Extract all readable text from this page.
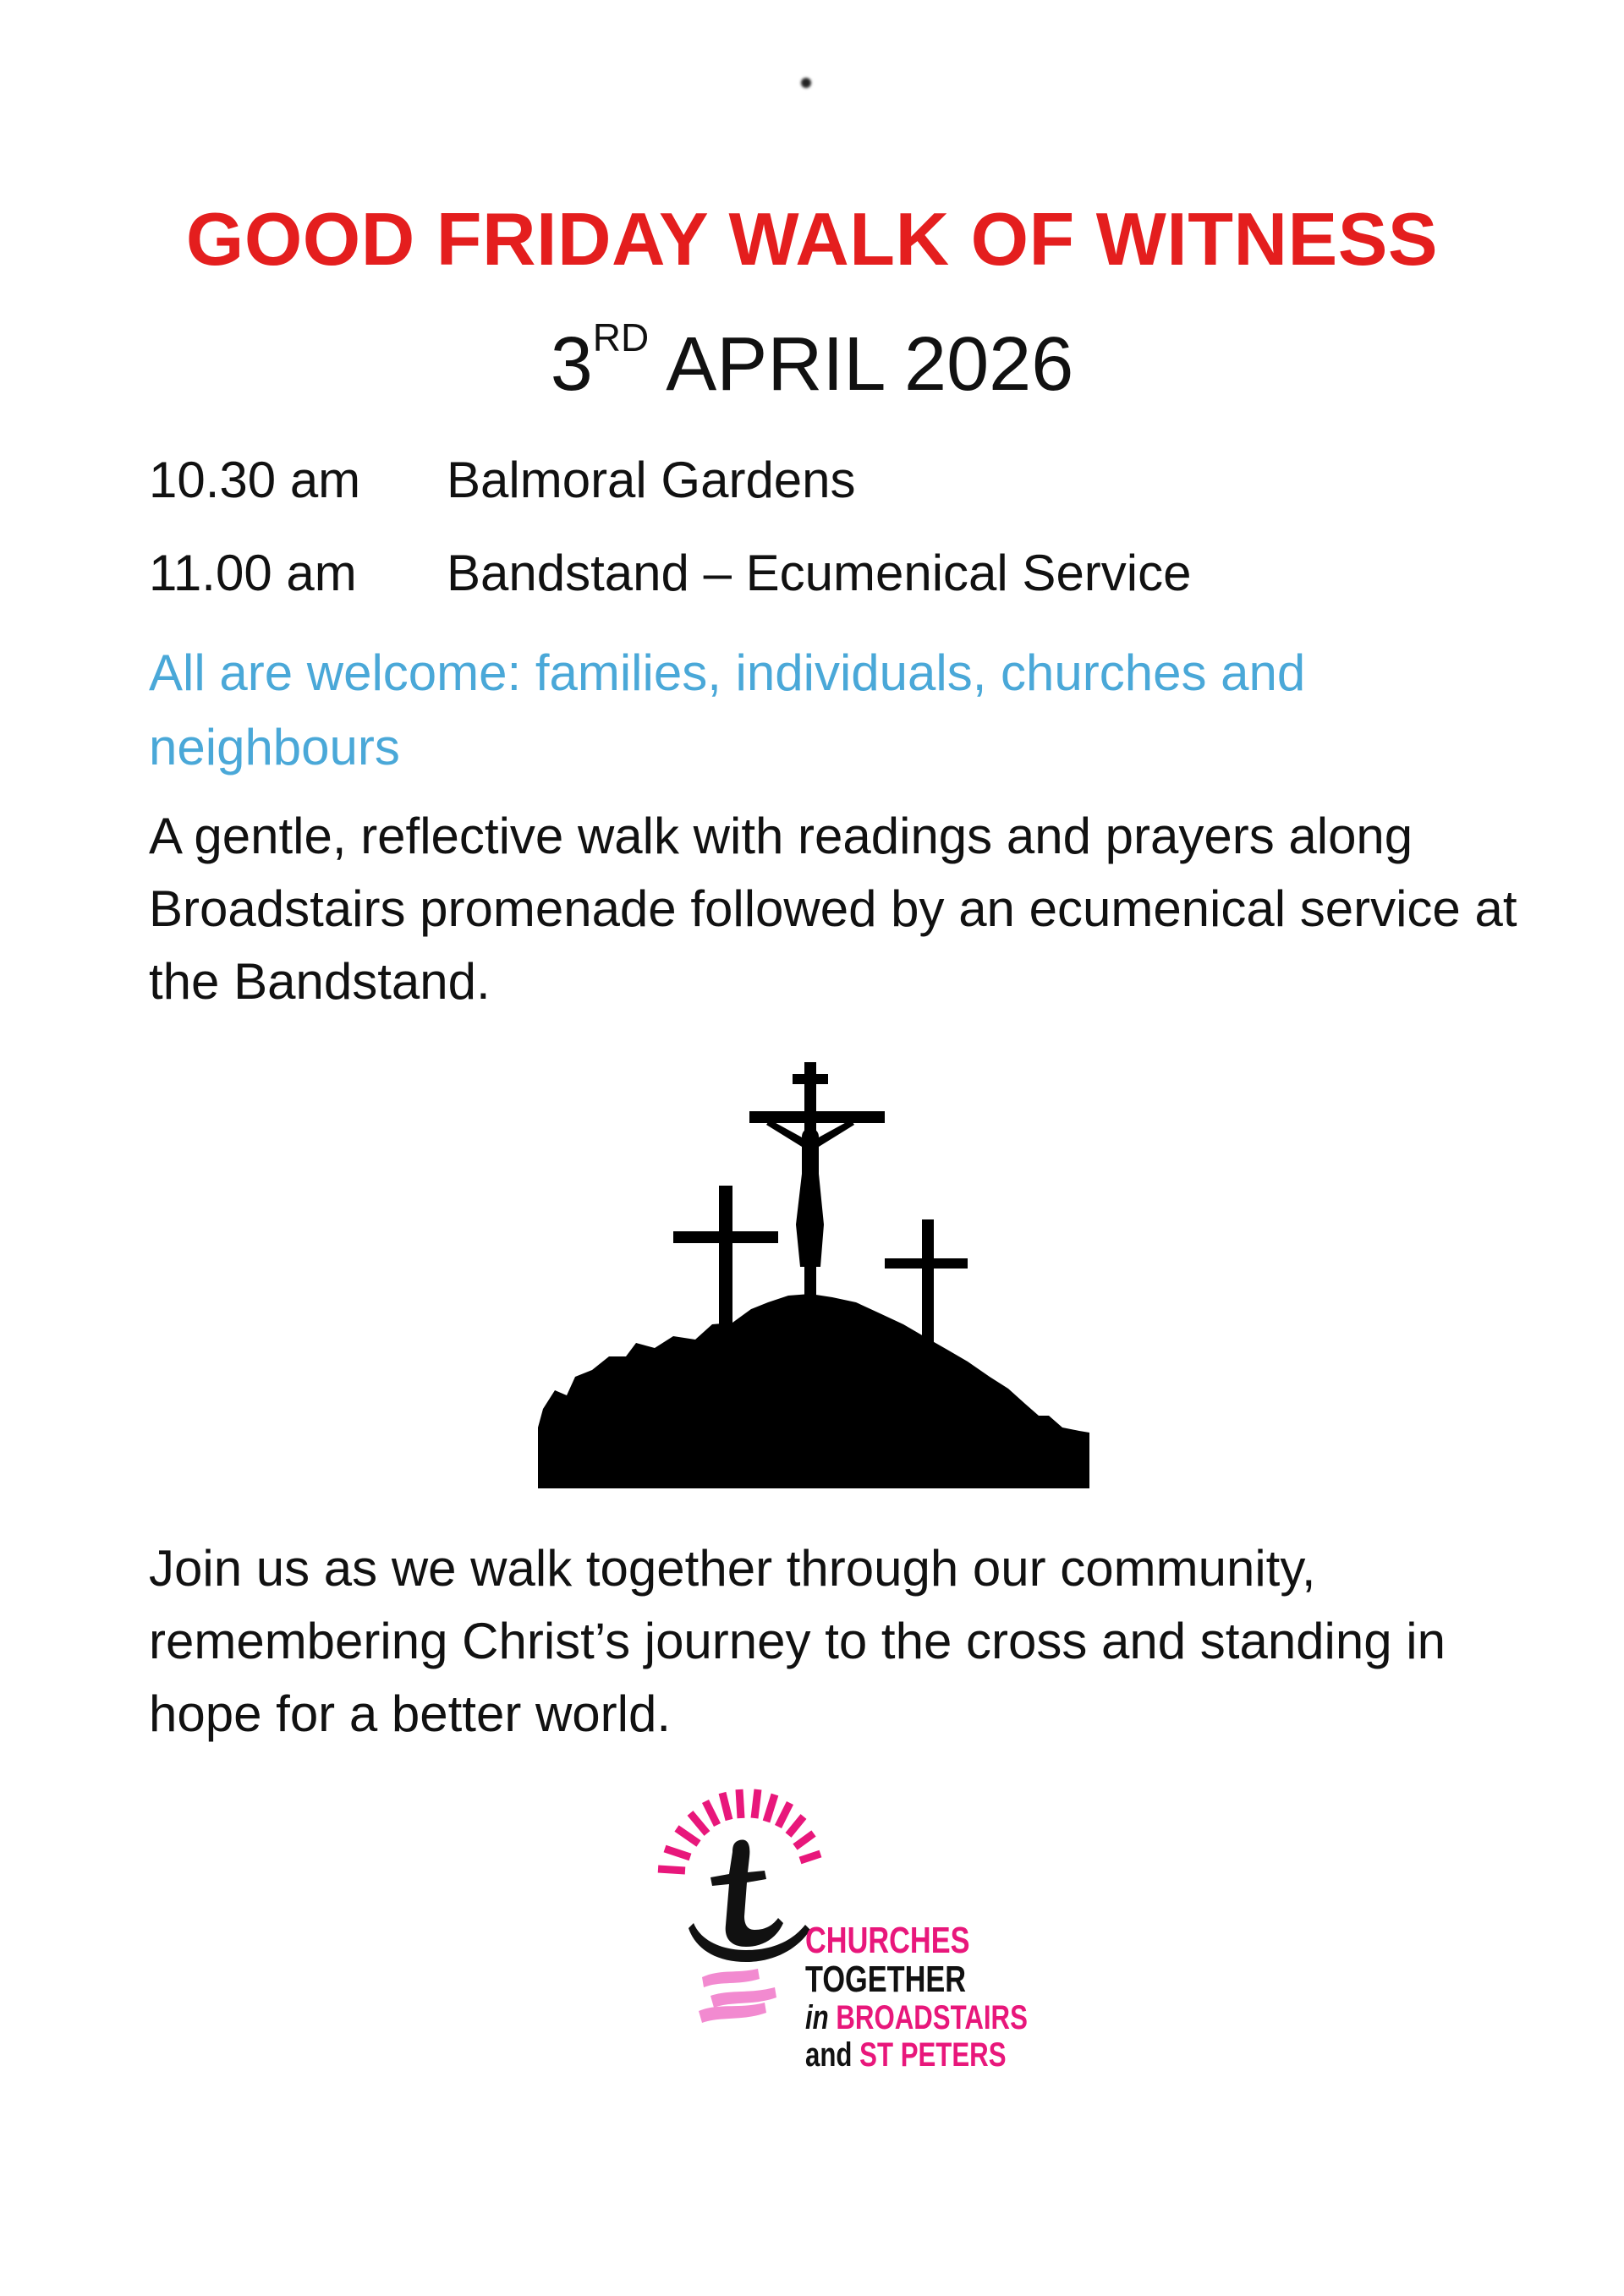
GOOD FRIDAY WALK OF WITNESS
3RD APRIL 2026
10.30 am Balmoral Gardens
11.00 am Bandstand – Ecumenical Service
All are welcome: families, individuals, churches and neighbours
A gentle, reflective walk with readings and prayers along Broadstairs promenade followed by an ecumenical service at the Bandstand.
Join us as we walk together through our community, remembering Christ’s journey to the cross and standing in hope for a better world.
CHURCHES
TOGETHER
in BROADSTAIRS
and ST PETERS
